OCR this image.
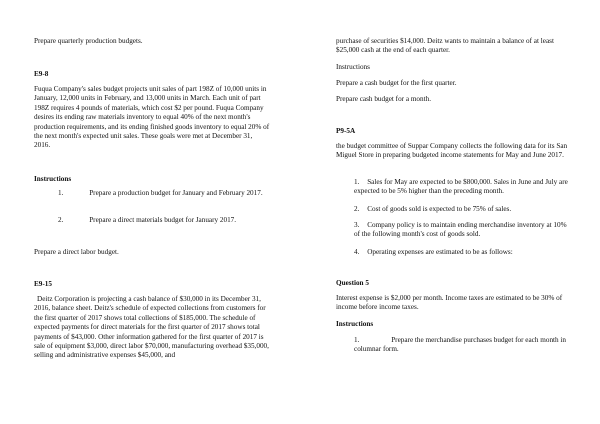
Prepare quarterly production budgets.

E9-8

Fuqua Company's sales budget projects unit sales of part 198Z of 10,000 units in January, 12,000 units in February, and 13,000 units in March. Each unit of part 198Z requires 4 pounds of materials, which cost $2 per pound. Fuqua Company desires its ending raw materials inventory to equal 40% of the next month's production requirements, and its ending finished goods inventory to equal 20% of the next month's expected unit sales. These goals were met at December 31, 2016.

Instructions

1.	Prepare a production budget for January and February 2017.
2.	Prepare a direct materials budget for January 2017.

Prepare a direct labor budget.

E9-15

Deitz Corporation is projecting a cash balance of $30,000 in its December 31, 2016, balance sheet. Deitz's schedule of expected collections from customers for the first quarter of 2017 shows total collections of $185,000. The schedule of expected payments for direct materials for the first quarter of 2017 shows total payments of $43,000. Other information gathered for the first quarter of 2017 is sale of equipment $3,000, direct labor $70,000, manufacturing overhead $35,000, selling and administrative expenses $45,000, and

purchase of securities $14,000. Deitz wants to maintain a balance of at least $25,000 cash at the end of each quarter.

Instructions

Prepare a cash budget for the first quarter.

Prepare cash budget for a month.

P9-5A

the budget committee of Suppar Company collects the following data for its San Miguel Store in preparing budgeted income statements for May and June 2017.

1. Sales for May are expected to be $800,000. Sales in June and July are expected to be 5% higher than the preceding month.
2. Cost of goods sold is expected to be 75% of sales.
3. Company policy is to maintain ending merchandise inventory at 10% of the following month's cost of goods sold.
4. Operating expenses are estimated to be as follows:

Question 5

Interest expense is $2,000 per month. Income taxes are estimated to be 30% of income before income taxes.

Instructions

1.	Prepare the merchandise purchases budget for each month in columnar form.
